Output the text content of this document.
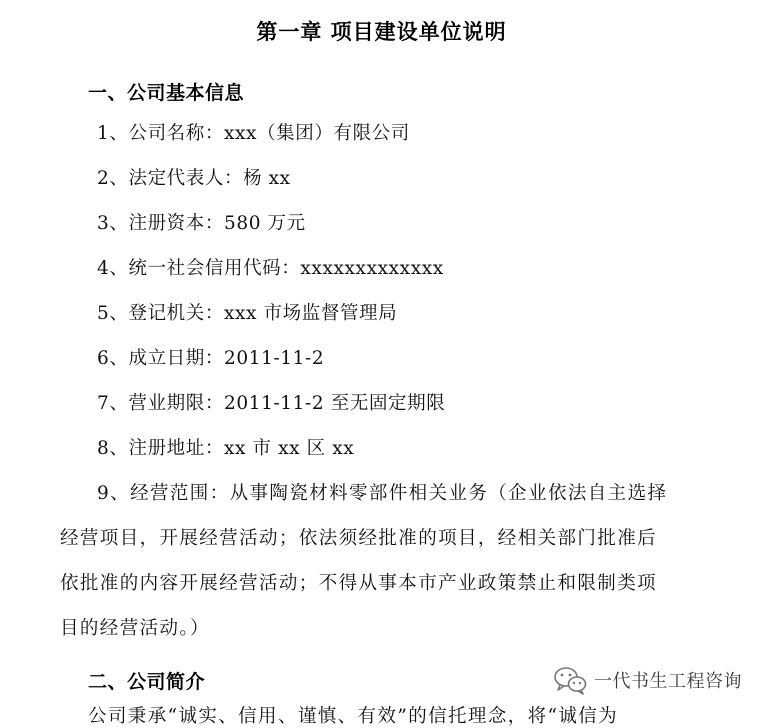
第一章 项目建设单位说明
一、公司基本信息
1、公司名称：xxx（集团）有限公司
2、法定代表人：杨 xx
3、注册资本：580 万元
4、统一社会信用代码：xxxxxxxxxxxxx
5、登记机关：xxx 市场监督管理局
6、成立日期：2011-11-2
7、营业期限：2011-11-2 至无固定期限
8、注册地址：xx 市 xx 区 xx
9、经营范围：从事陶瓷材料零部件相关业务（企业依法自主选择
经营项目，开展经营活动；依法须经批准的项目，经相关部门批准后
依批准的内容开展经营活动；不得从事本市产业政策禁止和限制类项
目的经营活动。）
二、公司简介
公司秉承“诚实、信用、谨慎、有效”的信托理念，将“诚信为
一代书生工程咨询
